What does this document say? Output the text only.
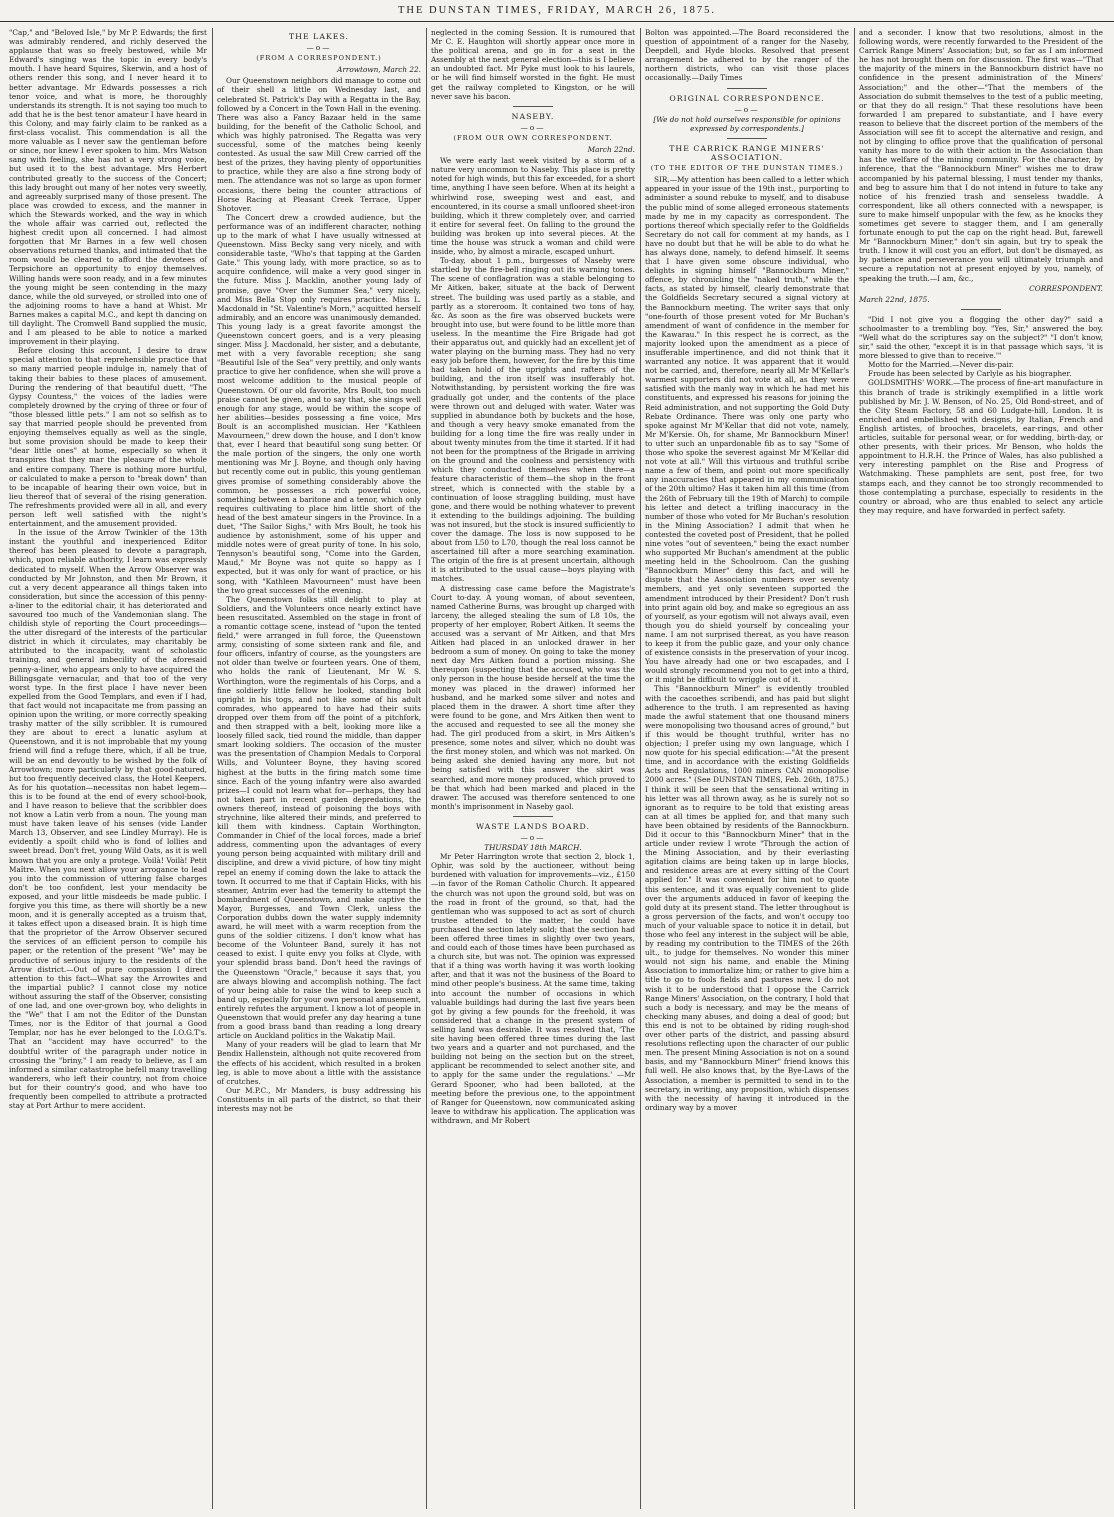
THE DUNSTAN TIMES, FRIDAY, MARCH 26, 1875.

"Cap," and "Beloved Isle," by Mr P. Edwards; the first was admirably rendered, and richly deserved the applause that was so freely bestowed, while Mr Edward's singing was the topic in every body's mouth. I have heard Squires, Skerwin, and a host of others render this song, and I never heard it to better advantage. Mr Edwards possesses a rich tenor voice, and what is more, he thoroughly understands its strength. It is not saying too much to add that he is the best tenor amateur I have heard in this Colony, and may fairly claim to be ranked as a first-class vocalist. This commendation is all the more valuable as I never saw the gentleman before or since, nor knew I ever spoken to him. Mrs Watson sang with feeling, she has not a very strong voice, but used it to the best advantage. Mrs Herbert contributed greatly to the success of the Concert; this lady brought out many of her notes very sweetly, and agreeably surprised many of those present. The place was crowded to excess, and the manner in which the Stewards worked, and the way in which the whole affair was carried out, reflected the highest credit upon all concerned. I had almost forgotten that Mr Barnes in a few well chosen observations returned thanks, and intimated that the room would be cleared to afford the devotees of Terpsichore an opportunity to enjoy themselves. Willing hands were soon ready, and in a few minutes the young might be seen contending in the mazy dance, while the old surveyed, or strolled into one of the adjoining rooms to have a hand at Whist. Mr Barnes makes a capital M.C., and kept th dancing on till daylight. The Cromwell Band supplied the music, and I am pleased to be able to notice a marked improvement in their playing.

Before closing this account, I desire to draw special attention to that reprehensible practice that so many married people indulge in, namely that of taking their babies to these places of amusement. During the rendering of that beautiful duett, "The Gypsy Countess," the voices of the ladies were completely drowned by the crying of three or four of "those blessed little pets." I am not so selfish as to say that married people should be prevented from enjoying themselves equally as well as the single, but some provision should be made to keep their "dear little ones" at home, especially so when it transpires that they mar the pleasure of the whole and entire company. There is nothing more hurtful, or calculated to make a person to "break down" than to be incapable of hearing their own voice, but in lieu thereof that of several of the rising generation. The refreshments provided were all in all, and every person left well satisfied with the night's entertainment, and the amusement provided.

In the issue of the Arrow Twinkler of the 13th instant the youthful and inexperienced Editor thereof has been pleased to devote a paragraph, which, upon reliable authority, I learn was expressly dedicated to myself. When the Arrow Observer was conducted by Mr Johnston, and then Mr Brown, it cut a very decent appearance all things taken into consideration, but since the accession of this penny-a-liner to the editorial chair, it has deteriorated and savoured too much of the Vandemonian slang. The childish style of reporting the Court proceedings—the utter disregard of the interests of the particular district in which it circulates, may charitably be attributed to the incapacity, want of scholastic training, and general imbecility of the aforesaid penny-a-liner, who appears only to have acquired the Billingsgate vernacular, and that too of the very worst type. In the first place I have never been expelled from the Good Templars, and even if I had, that fact would not incapacitate me from passing an opinion upon the writing, or more correctly speaking trashy matter of the silly scribbler. It is rumoured they are about to erect a lunatic asylum at Queenstown, and it is not improbable that my young friend will find a refuge there, which, if all be true, will be an end devoutly to be wished by the folk of Arrowtown; more particularly by that good-natured, but too frequently deceived class, the Hotel Keepers. As for his quotation—necessitas non habet legem—this is to be found at the end of every school-book, and I have reason to believe that the scribbler does not know a Latin verb from a noun. The young man must have taken leave of his senses (vide Lander March 13, Observer, and see Lindley Murray). He is evidently a spoilt child who is fond of lollies and sweet bread. Don't fret, young Wild Oats, as it is well known that you are only a protege. Voilà! Voilà! Petit Maître. When you next allow your arrogance to lead you into the commission of uttering false charges don't be too confident, lest your mendacity be exposed, and your little misdeeds be made public. I forgive you this time, as there will shortly be a new moon, and it is generally accepted as a truism that, it takes effect upon a diseased brain. It is high time that the proprietor of the Arrow Observer secured the services of an efficient person to compile his paper, or the retention of the present "We" may be productive of serious injury to the residents of the Arrow district.—Out of pure compassion I direct attention to this fact—What say the Arrowites and the impartial public? I cannot close my notice without assuring the staff of the Observer, consisting of one lad, and one over-grown boy, who delights in the "We" that I am not the Editor of the Dunstan Times, nor is the Editor of that journal a Good Templar, nor has he ever belonged to the I.O.G.T's. That an "accident may have occurred" to the doubtful writer of the paragraph under notice in crossing the "briny," I am ready to believe, as I am informed a similar catastrophe befell many travelling wanderers, who left their country, not from choice but for their country's good, and who have too frequently been compelled to attribute a protracted stay at Port Arthur to mere accident.

THE LAKES.
—o—
(FROM A CORRESPONDENT.)
Arrowtown, March 22.

Our Queenstown neighbors did manage to come out of their shell a little on Wednesday last, and celebrated St. Patrick's Day with a Regatta in the Bay, followed by a Concert in the Town Hall in the evening. There was also a Fancy Bazaar held in the same building, for the benefit of the Catholic School, and which was highly patronised. The Regatta was very successful, some of the matches being keenly contested. As usual the saw Mill Crew carried off the best of the prizes, they having plenty of opportunities to practice, while they are also a fine strong body of men. The attendance was not so large as upon former occasions, there being the counter attractions of Horse Racing at Pleasant Creek Terrace, Upper Shotover.

The Concert drew a crowded audience, but the performance was of an indifferent character, nothing up to the mark of what I have usually witnessed at Queenstown. Miss Becky sang very nicely, and with considerable taste, "Who's that tapping at the Garden Gate." This young lady, with more practice, so as to acquire confidence, will make a very good singer in the future. Miss J. Macklin, another young lady of promise, gave "Over the Summer Sea," very nicely, and Miss Bella Stop only requires practice. Miss L. Macdonald in "St. Valentine's Morn," acquitted herself admirably, and an encore was unanimously demanded. This young lady is a great favorite amongst the Queenstown concert goers, and is a very pleasing singer. Miss J. Macdonald, her sister, and a debutante, met with a very favorable reception; she sang "Beautiful Isle of the Sea" very prettily, and only wants practice to give her confidence, when she will prove a most welcome addition to the musical people of Queenstown. Of our old favorite, Mrs Boult, too much praise cannot be given, and to say that, she sings well enough for any stage, would be within the scope of her abilities—besides possessing a fine voice, Mrs Boult is an accomplished musician. Her "Kathleen Mavourneen," drew down the house, and I don't know that, ever I heard that beautiful song sung better. Of the male portion of the singers, the only one worth mentioning was Mr J. Boyne, and though only having but recently come out in public, this young gentleman gives promise of something considerably above the common, he possesses a rich powerful voice, something between a baritone and a tenor, which only requires cultivating to place him little short of the head of the best amateur singers in the Province. In a duet, "The Sailor Sighs," with Mrs Boult, he took his audience by astonishment, some of his upper and middle notes were of great purity of tone. In his solo, Tennyson's beautiful song, "Come into the Garden, Maud," Mr Boyne was not quite so happy as I expected, but it was only for want of practice, or his song, with "Kathleen Mavourneen" must have been the two great successes of the evening.

The Queenstown folks still delight to play at Soldiers, and the Volunteers once nearly extinct have been resuscitated. Assembled on the stage in front of a romantic cottage scene, instead of "upon the tented field," were arranged in full force, the Queenstown army, consisting of some sixteen rank and file, and four officers, infantry of course, as the youngsters are not older than twelve or fourteen years. One of them, who holds the rank of Lieutenant, Mr W. S. Worthington, wore the regimentals of his Corps, and a fine soldierly little fellow he looked, standing bolt upright in his togs, and not like some of his adult comrades, who appeared to have had their suits dropped over them from off the point of a pitchfork, and then strapped with a belt, looking more like a loosely filled sack, tied round the middle, than dapper smart looking soldiers. The occasion of the muster was the presentation of Champion Medals to Corporal Wills, and Volunteer Boyne, they having scored highest at the butts in the firing match some time since. Each of the young infantry were also awarded prizes—I could not learn what for—perhaps, they had not taken part in recent garden depredations, the owners thereof, instead of poisoning the boys with strychnine, like altered their minds, and preferred to kill them with kindness. Captain Worthington, Commander in Chief of the local forces, made a brief address, commenting upon the advantages of every young person being acquainted with military drill and discipline, and drew a vivid picture, of how tiny might repel an enemy if coming down the lake to attack the town. It occurred to me that if Captain Hicks, with his steamer, Antrim ever had the temerity to attempt the bombardment of Queenstown, and make captive the Mayor, Burgesses, and Town Clerk, unless the Corporation dubbs down the water supply indemnity award, he will meet with a warm reception from the guns of the soldier citizens. I don't know what has become of the Volunteer Band, surely it has not ceased to exist. I quite envy you folks at Clyde, with your splendid brass band. Don't heed the ravings of the Queenstown "Oracle," because it says that, you are always blowing and accomplish nothing. The fact of your being able to raise the wind to keep such a band up, especially for your own personal amusement, entirely refutes the argument. I know a lot of people in Queenstown that would prefer any day hearing a tune from a good brass band than reading a long dreary article on Auckland politics in the Wakatip Mail.

Many of your readers will be glad to learn that Mr Bendix Hallenstein, although not quite recovered from the effects of his accident, which resulted in a broken leg, is able to move about a little with the assistance of crutches.

Our M.P.C., Mr Manders, is busy addressing his Constituents in all parts of the district, so that their interests may not be

neglected in the coming Session. It is rumoured that Mr C. E. Haughton will shortly appear once more in the political arena, and go in for a seat in the Assembly at the next general election—this is I believe an undoubted fact. Mr Pyke must look to his laurels, or he will find himself worsted in the fight. He must get the railway completed to Kingston, or he will never save his bacon.

NASEBY.
—o—
(FROM OUR OWN CORRESPONDENT.
March 22nd.

We were early last week visited by a storm of a nature very uncommon to Naseby. This place is pretty noted for high winds, but this far exceeded, for a short time, anything I have seen before. When at its height a whirlwind rose, sweeping west and east, and encountered, in its course a small unfloored sheet-iron building, which it threw completely over, and carried it entire for several feet. On falling to the ground the building was broken up into several pieces. At the time the house was struck a woman and child were inside, who, by almost a miracle, escaped unhurt.

To-day, about 1 p.m., burgesses of Naseby were startled by the fire-bell ringing out its warning tones. The scene of conflagration was a stable belonging to Mr Aitken, baker, situate at the back of Derwent street. The building was used partly as a stable, and partly as a storeroom. It contained two tons of hay, &c. As soon as the fire was observed buckets were brought into use, but were found to be little more than useless. In the meantime the Fire Brigade had got their apparatus out, and quickly had an excellent jet of water playing on the burning mass. They had no very easy job before them, however, for the fire by this time had taken hold of the uprights and rafters of the building, and the iron itself was insufferably hot. Notwithstanding, by persistent working the fire was gradually got under, and the contents of the place were thrown out and deluged with water. Water was supplied in abundance both by buckets and the hose, and though a very heavy smoke emanated from the building for a long time the fire was really under in about twenty minutes from the time it started. If it had not been for the promptness of the Brigade in arriving on the ground and the coolness and persistency with which they conducted themselves when there—a feature characteristic of them—the shop in the front street, which is connected with the stable by a continuation of loose straggling building, must have gone, and there would be nothing whatever to prevent it extending to the buildings adjoining. The building was not insured, but the stock is insured sufficiently to cover the damage. The loss is now supposed to be about from L50 to L70, though the real loss cannot be ascertained till after a more searching examination. The origin of the fire is at present uncertain, although it is attributed to the usual cause—boys playing with matches.

A distressing case came before the Magistrate's Court to-day. A young woman, of about seventeen, named Catherine Burns, was brought up charged with larceny, the alleged stealing the sum of L8 10s, the property of her employer, Robert Aitken. It seems the accused was a servant of Mr Aitken, and that Mrs Aitken had placed in an unlocked drawer in her bedroom a sum of money. On going to take the money next day Mrs Aitken found a portion missing. She thereupon (suspecting that the accused, who was the only person in the house beside herself at the time the money was placed in the drawer) informed her husband, and he marked some silver and notes and placed them in the drawer. A short time after they were found to be gone, and Mrs Aitken then went to the accused and requested to see all the money she had. The girl produced from a skirt, in Mrs Aitken's presence, some notes and silver, which no doubt was the first money stolen, and which was not marked. On being asked she denied having any more, but not being satisfied with this answer the skirt was searched, and more money produced, which proved to be that which had been marked and placed in the drawer. The accused was therefore sentenced to one month's imprisonment in Naseby gaol.

WASTE LANDS BOARD.
—o—
THURSDAY 18th MARCH.

Mr Peter Harrington wrote that section 2, block 1, Ophir, was sold by the auctioneer, without being burdened with valuation for improvements—viz., £150—in favor of the Roman Catholic Church. It appeared the church was not upon the ground sold, but was on the road in front of the ground, so that, had the gentleman who was supposed to act as sort of church trustee attended to the matter, he could have purchased the section lately sold; that the section had been offered three times in slightly over two years, and could each of those times have been purchased as a church site, but was not. The opinion was expressed that if a thing was worth having it was worth looking after, and that it was not the business of the Board to mind other people's business. At the same time, taking into account the number of occasions in which valuable buildings had during the last five years been got by giving a few pounds for the freehold, it was considered that a change in the present system of selling land was desirable. It was resolved that, 'The site having been offered three times during the last two years and a quarter and not purchased, and the building not being on the section but on the street, applicant be recommended to select another site, and to apply for the same under the regulations.' —Mr Gerard Spooner, who had been balloted, at the meeting before the previous one, to the appointment of Ranger for Queenstown, now communicated asking leave to withdraw his application. The application was withdrawn, and Mr Robert

Bolton was appointed.—The Board reconsidered the question of appointment of a ranger for the Naseby, Deepdell, and Hyde blocks. Resolved that present arrangement be adhered to by the ranger of the northern districts, who can visit those places occasionally.—Daily Times

ORIGINAL CORRESPONDENCE.
—o—
[We do not hold ourselves responsible for opinions expressed by correspondents.]
THE CARRICK RANGE MINERS' ASSOCIATION.
(TO THE EDITOR OF THE DUNSTAN TIMES.)

SIR,—My attention has been called to a letter which appeared in your issue of the 19th inst., purporting to administer a sound rebuke to myself, and to disabuse the public mind of some alleged erroneous statements made by me in my capacity as correspondent. The portions thereof which specially refer to the Goldfields Secretary do not call for comment at my hands, as I have no doubt but that he will be able to do what he has always done, namely, to defend himself. It seems that I have given some obscure individual, who delights in signing himself "Bannockburn Miner," offence, by chronicling the "naked truth," while the facts, as stated by himself, clearly demonstrate that the Goldfields Secretary secured a signal victory at the Bannockburn meeting. The writer says that only "one-fourth of those present voted for Mr Buchan's amendment of want of confidence in the member for the Kawarau." In this respect he is correct, as the majority looked upon the amendment as a piece of insufferable impertinence, and did not think that it warranted any notice. It was apparent that it would not be carried, and, therefore, nearly all Mr M'Kellar's warmest supporters did not vote at all, as they were satisfied with the manly way in which he had met his constituents, and expressed his reasons for joining the Reid administration, and not supporting the Gold Duty Rebate Ordinance. There was only one party who spoke against Mr M'Kellar that did not vote, namely, Mr M'Kersie. Oh, for shame, Mr Bannockburn Miner! to utter such an unpardonable fib as to say "Some of those who spoke the severest against Mr M'Kellar did not vote at all." Will this virtuous and truthful scribe name a few of them, and point out more specifically any inaccuracies that appeared in my communication of the 20th ultimo? Has it taken him all this time (from the 26th of February till the 19th of March) to compile his letter and detect a trifling inaccuracy in the number of those who voted for Mr Buchan's resolution in the Mining Association? I admit that when he contested the coveted post of President, that he polled nine votes "out of seventeen," being the exact number who supported Mr Buchan's amendment at the public meeting held in the Schoolroom. Can the gushing "Bannockburn Miner" deny this fact, and will he dispute that the Association numbers over seventy members, and yet only seventeen supported the amendment introduced by their President? Don't rush into print again old boy, and make so egregious an ass of yourself, as your egotism will not always avail, even though you do shield yourself by concealing your name. I am not surprised thereat, as you have reason to keep it from the public gaze, and your only chance of existence consists in the preservation of your incog. You have already had one or two escapades, and I would strongly recommend you not to get into a third, or it might be difficult to wriggle out of it.

This "Bannockburn Miner" is evidently troubled with the cacoethes scribendi, and has paid but slight adherence to the truth. I am represented as having made the awful statement that one thousand miners were monopolising two thousand acres of ground," but if this would be thought truthful, writer has no objection; I prefer using my own language, which I now quote for his special edification:—"At the present time, and in accordance with the existing Goldfields Acts and Regulations, 1000 miners CAN monopolise 2000 acres." (See DUNSTAN TIMES, Feb. 26th, 1875.) I think it will be seen that the sensational writing in his letter was all thrown away, as he is surely not so ignorant as to require to be told that existing areas can at all times be applied for, and that many such have been obtained by residents of the Bannockburn. Did it occur to this "Bannockburn Miner" that in the article under review I wrote "Through the action of the Mining Association, and by their everlasting agitation claims are being taken up in large blocks, and residence areas are at every sitting of the Court applied for." It was convenient for him not to quote this sentence, and it was equally convenient to glide over the arguments adduced in favor of keeping the gold duty at its present stand. The letter throughout is a gross perversion of the facts, and won't occupy too much of your valuable space to notice it in detail, but those who feel any interest in the subject will be able, by reading my contribution to the TIMES of the 26th ult., to judge for themselves. No wonder this miner would not sign his name, and enable the Mining Association to immortalize him; or rather to give him a title to go to fools fields and pastures new. I do not wish it to be understood that I oppose the Carrick Range Miners' Association, on the contrary, I hold that such a body is necessary, and may be the means of checking many abuses, and doing a deal of good; but this end is not to be obtained by riding rough-shod over other parts of the district, and passing absurd resolutions reflecting upon the character of our public men. The present Mining Association is not on a sound basis, and my "Bannockburn Miner" friend knows this full well. He also knows that, by the Bye-Laws of the Association, a member is permitted to send in to the secretary, in writing, any proposition, which dispenses with the necessity of having it introduced in the ordinary way by a mover

and a seconder. I know that two resolutions, almost in the following words, were recently forwarded to the President of the Carrick Range Miners' Association; but, so far as I am informed he has not brought them on for discussion. The first was—"That the majority of the miners in the Bannockburn district have no confidence in the present administration of the Miners' Association;" and the other—"That the members of the Association do submit themselves to the test of a public meeting, or that they do all resign." That these resolutions have been forwarded I am prepared to substantiate, and I have every reason to believe that the discreet portion of the members of the Association will see fit to accept the alternative and resign, and not by clinging to office prove that the qualification of personal vanity has more to do with their action in the Association than has the welfare of the mining community. For the character, by inference, that the "Bannockburn Miner" wishes me to draw accompanied by his paternal blessing, I must tender my thanks, and beg to assure him that I do not intend in future to take any notice of his frenzied trash and senseless twaddle. A correspondent, like all others connected with a newspaper, is sure to make himself unpopular with the few, as he knocks they sometimes get severe to stagger them, and I am generally fortunate enough to put the cap on the right head. But, farewell Mr "Bannockburn Miner," don't sin again, but try to speak the truth. I know it will cost you an effort, but don't be dismayed, as by patience and perseverance you will ultimately triumph and secure a reputation not at present enjoyed by you, namely, of speaking the truth.—I am, &c.,

CORRESPONDENT.
March 22nd, 1875.

"Did I not give you a flogging the other day?" said a schoolmaster to a trembling boy. "Yes, Sir," answered the boy. "Well what do the scriptures say on the subject?" "I don't know, sir," said the other, "except it is in that passage which says, 'it is more blessed to give than to receive.'"

Motto for the Married.—Never dis-pair.

Froude has been selected by Carlyle as his biographer.

GOLDSMITHS' WORK.—The process of fine-art manufacture in this branch of trade is strikingly exemplified in a little work published by Mr. J. W. Benson, of No. 25, Old Bond-street, and of the City Steam Factory, 58 and 60 Ludgate-hill, London. It is enriched and embellished with designs, by Italian, French and English artistes, of brooches, bracelets, ear-rings, and other articles, suitable for personal wear, or for wedding, birth-day, or other presents, with their prices. Mr Benson, who holds the appointment to H.R.H. the Prince of Wales, has also published a very interesting pamphlet on the Rise and Progress of Watchmaking. These pamphlets are sent, post free, for two stamps each, and they cannot be too strongly recommended to those contemplating a purchase, especially to residents in the country or abroad, who are thus enabled to select any article they may require, and have forwarded in perfect safety.
